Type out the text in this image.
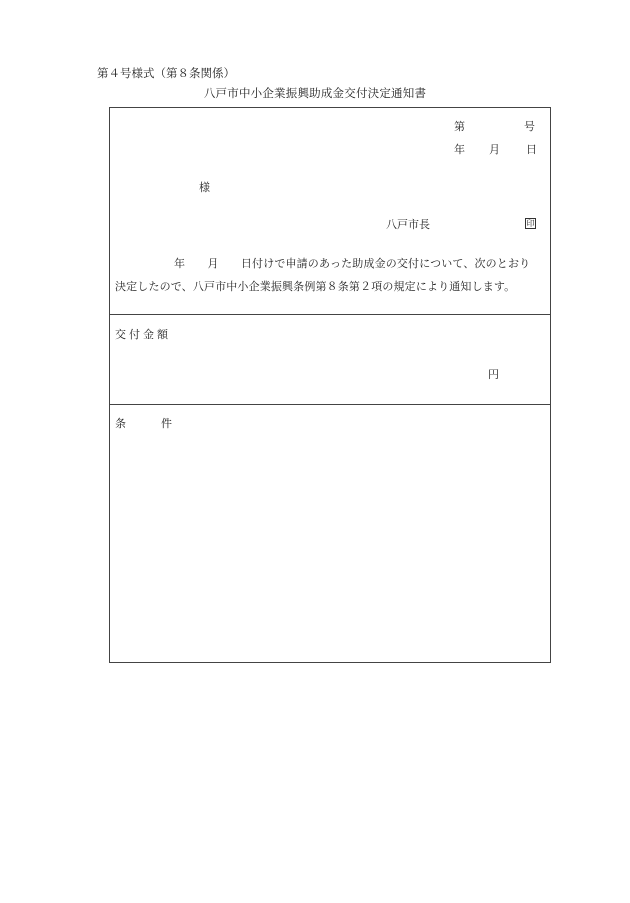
第４号様式（第８条関係）
八戸市中小企業振興助成金交付決定通知書
第	号
年 月 日
様
八戸市長	印
年　　月　　日付けで申請のあった助成金の交付について、次のとおり
決定したので、八戸市中小企業振興条例第８条第２項の規定により通知します。
交付金額
円
条	件
